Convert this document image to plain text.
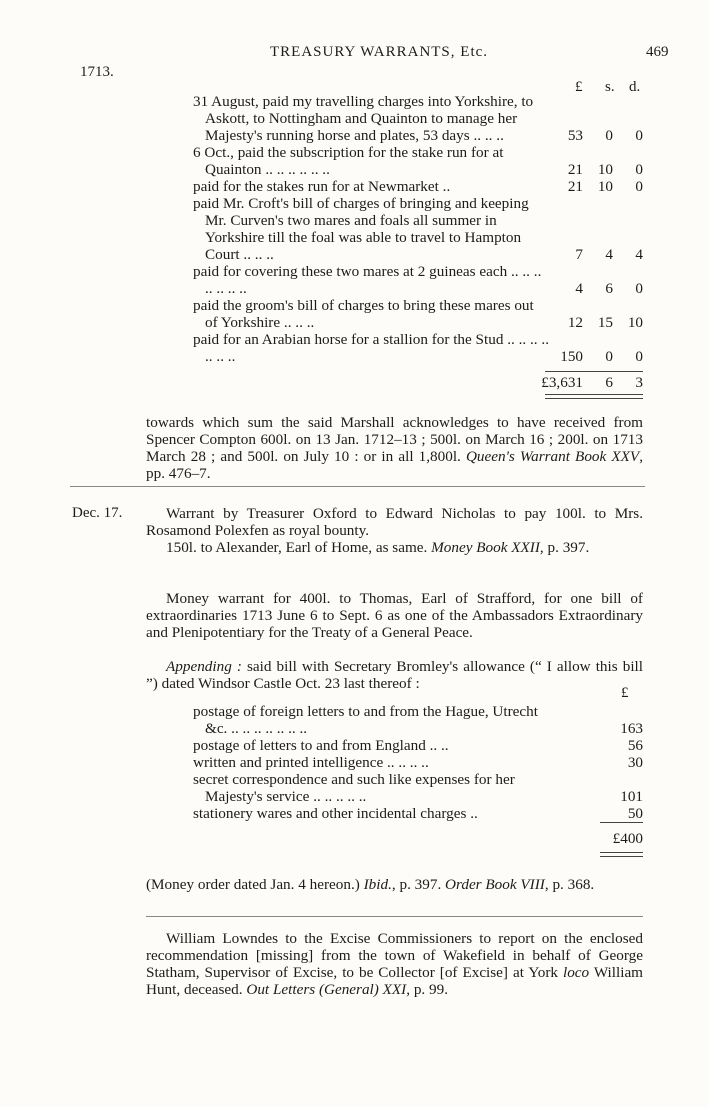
TREASURY WARRANTS, Etc.	469
1713.
£ s. d.
31 August, paid my travelling charges into Yorkshire, to Askott, to Nottingham and Quainton to manage her Majesty's running horse and plates, 53 days .. .. ..	53 0 0
6 Oct., paid the subscription for the stake run for at Quainton .. .. .. .. .. ..	21 10 0
paid for the stakes run for at Newmarket ..	21 10 0
paid Mr. Croft's bill of charges of bringing and keeping Mr. Curven's two mares and foals all summer in Yorkshire till the foal was able to travel to Hampton Court .. .. ..	7 4 4
paid for covering these two mares at 2 guineas each .. .. .. .. .. .. ..	4 6 0
paid the groom's bill of charges to bring these mares out of Yorkshire .. .. ..	12 15 10
paid for an Arabian horse for a stallion for the Stud .. .. .. .. .. .. ..	150 0 0
£3,631 6 3
towards which sum the said Marshall acknowledges to have received from Spencer Compton 600l. on 13 Jan. 1712–13 ; 500l. on March 16 ; 200l. on 1713 March 28 ; and 500l. on July 10 : or in all 1,800l. Queen's Warrant Book XXV, pp. 476–7.
Dec. 17.	Warrant by Treasurer Oxford to Edward Nicholas to pay 100l. to Mrs. Rosamond Polexfen as royal bounty.
150l. to Alexander, Earl of Home, as same. Money Book XXII, p. 397.
Money warrant for 400l. to Thomas, Earl of Strafford, for one bill of extraordinaries 1713 June 6 to Sept. 6 as one of the Ambassadors Extraordinary and Plenipotentiary for the Treaty of a General Peace.
Appending : said bill with Secretary Bromley's allowance (“ I allow this bill ”) dated Windsor Castle Oct. 23 last thereof :
£
postage of foreign letters to and from the Hague, Utrecht &c. .. .. .. .. .. .. ..	163
postage of letters to and from England .. ..	56
written and printed intelligence .. .. .. ..	30
secret correspondence and such like expenses for her Majesty's service .. .. .. .. ..	101
stationery wares and other incidental charges ..	50
£400
(Money order dated Jan. 4 hereon.) Ibid., p. 397. Order Book VIII, p. 368.
William Lowndes to the Excise Commissioners to report on the enclosed recommendation [missing] from the town of Wakefield in behalf of George Statham, Supervisor of Excise, to be Collector [of Excise] at York loco William Hunt, deceased. Out Letters (General) XXI, p. 99.
